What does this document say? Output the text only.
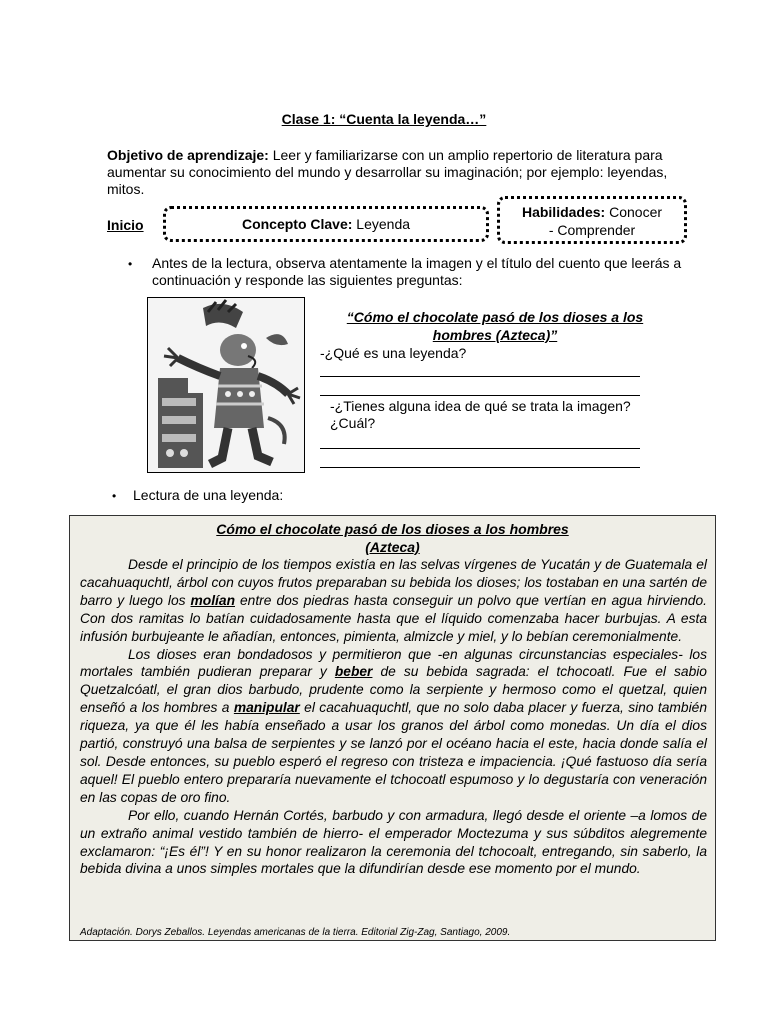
Clase 1: “Cuenta la leyenda…”
Objetivo de aprendizaje: Leer y familiarizarse con un amplio repertorio de literatura para aumentar su conocimiento del mundo y desarrollar su imaginación; por ejemplo: leyendas, mitos.
Inicio	Concepto Clave: Leyenda
Habilidades: Conocer
- Comprender
• Antes de la lectura, observa atentamente la imagen y el título del cuento que leerás a continuación y responde las siguientes preguntas:
“Cómo el chocolate pasó de los dioses a los hombres (Azteca)”
-¿Qué es una leyenda?
-¿Tienes alguna idea de qué se trata la imagen? ¿Cuál?
• Lectura de una leyenda:
Cómo el chocolate pasó de los dioses a los hombres
(Azteca)

Desde el principio de los tiempos existía en las selvas vírgenes de Yucatán y de Guatemala el cacahuaquchtl, árbol con cuyos frutos preparaban su bebida los dioses; los tostaban en una sartén de barro y luego los molían entre dos piedras hasta conseguir un polvo que vertían en agua hirviendo. Con dos ramitas lo batían cuidadosamente hasta que el líquido comenzaba hacer burbujas. A esta infusión burbujeante le añadían, entonces, pimienta, almizcle y miel, y lo bebían ceremonialmente.

Los dioses eran bondadosos y permitieron que -en algunas circunstancias especiales- los mortales también pudieran preparar y beber de su bebida sagrada: el tchocoatl. Fue el sabio Quetzalcóatl, el gran dios barbudo, prudente como la serpiente y hermoso como el quetzal, quien enseñó a los hombres a manipular el cacahuaquchtl, que no solo daba placer y fuerza, sino también riqueza, ya que él les había enseñado a usar los granos del árbol como monedas. Un día el dios partió, construyó una balsa de serpientes y se lanzó por el océano hacia el este, hacia donde salía el sol. Desde entonces, su pueblo esperó el regreso con tristeza e impaciencia. ¡Qué fastuoso día sería aquel! El pueblo entero prepararía nuevamente el tchocoatl espumoso y lo degustaría con veneración en las copas de oro fino.

Por ello, cuando Hernán Cortés, barbudo y con armadura, llegó desde el oriente –a lomos de un extraño animal vestido también de hierro- el emperador Moctezuma y sus súbditos alegremente exclamaron: “¡Es él”! Y en su honor realizaron la ceremonia del tchocoalt, entregando, sin saberlo, la bebida divina a unos simples mortales que la difundirían desde ese momento por el mundo.

Adaptación. Dorys Zeballos. Leyendas americanas de la tierra. Editorial Zig-Zag, Santiago, 2009.
